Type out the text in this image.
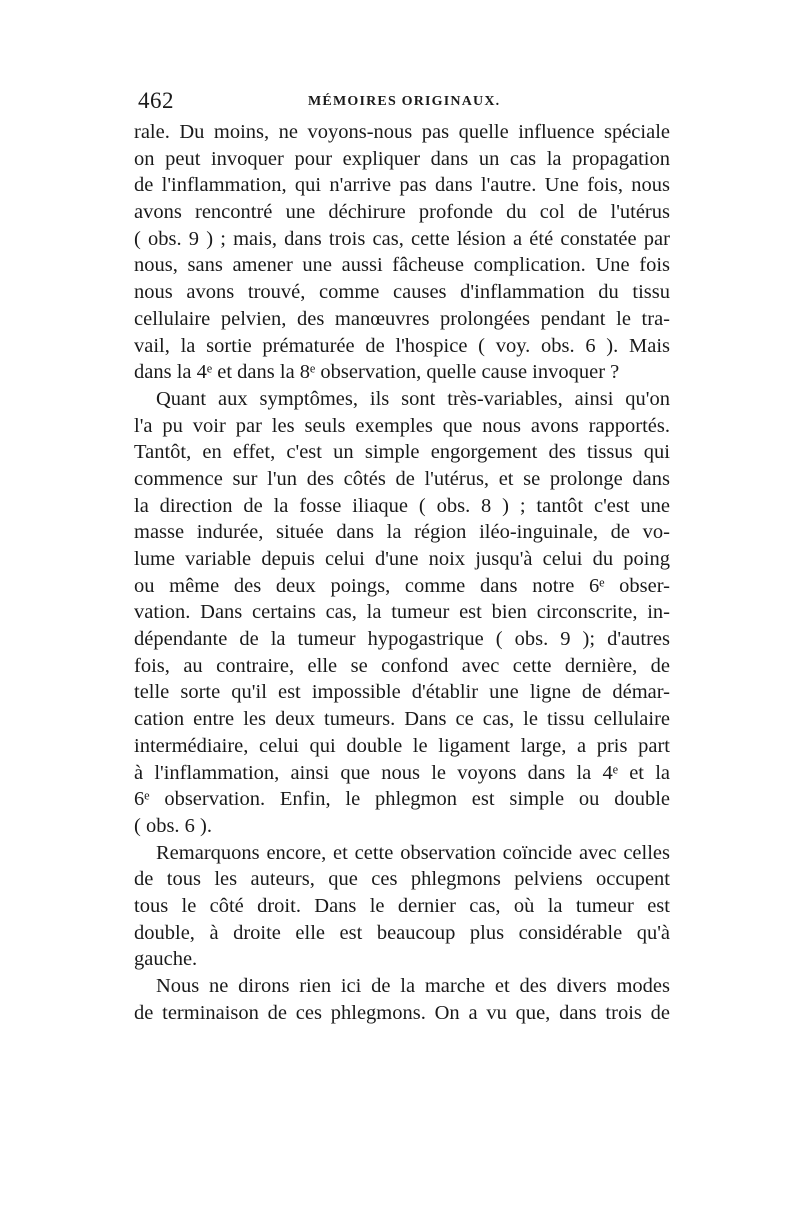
462	MÉMOIRES ORIGINAUX.
rale. Du moins, ne voyons-nous pas quelle influence spéciale
on peut invoquer pour expliquer dans un cas la propagation
de l'inflammation, qui n'arrive pas dans l'autre. Une fois, nous
avons rencontré une déchirure profonde du col de l'utérus
( obs. 9 ) ; mais, dans trois cas, cette lésion a été constatée par
nous, sans amener une aussi fâcheuse complication. Une fois
nous avons trouvé, comme causes d'inflammation du tissu
cellulaire pelvien, des manœuvres prolongées pendant le tra-
vail, la sortie prématurée de l'hospice ( voy. obs. 6 ). Mais
dans la 4ᵉ et dans la 8ᵉ observation, quelle cause invoquer ?
Quant aux symptômes, ils sont très-variables, ainsi qu'on
l'a pu voir par les seuls exemples que nous avons rapportés.
Tantôt, en effet, c'est un simple engorgement des tissus qui
commence sur l'un des côtés de l'utérus, et se prolonge dans
la direction de la fosse iliaque ( obs. 8 ) ; tantôt c'est une
masse indurée, située dans la région iléo-inguinale, de vo-
lume variable depuis celui d'une noix jusqu'à celui du poing
ou même des deux poings, comme dans notre 6ᵉ obser-
vation. Dans certains cas, la tumeur est bien circonscrite, in-
dépendante de la tumeur hypogastrique ( obs. 9 ); d'autres
fois, au contraire, elle se confond avec cette dernière, de
telle sorte qu'il est impossible d'établir une ligne de démar-
cation entre les deux tumeurs. Dans ce cas, le tissu cellulaire
intermédiaire, celui qui double le ligament large, a pris part
à l'inflammation, ainsi que nous le voyons dans la 4ᵉ et la
6ᵉ observation. Enfin, le phlegmon est simple ou double
( obs. 6 ).
Remarquons encore, et cette observation coïncide avec celles
de tous les auteurs, que ces phlegmons pelviens occupent
tous le côté droit. Dans le dernier cas, où la tumeur est
double, à droite elle est beaucoup plus considérable qu'à
gauche.
Nous ne dirons rien ici de la marche et des divers modes
de terminaison de ces phlegmons. On a vu que, dans trois de
